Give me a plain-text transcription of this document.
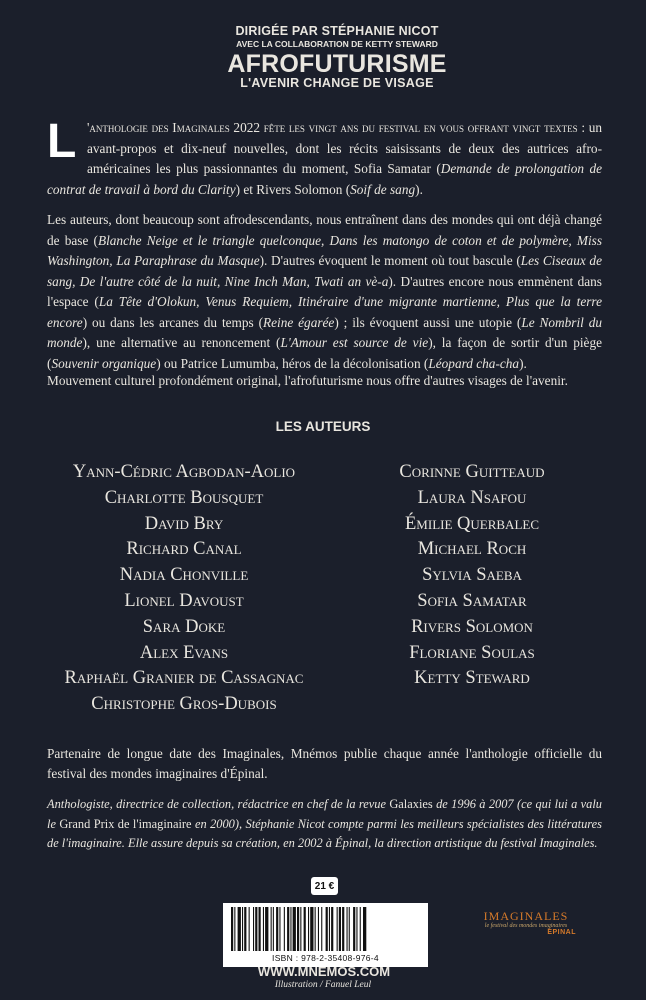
DIRIGÉE PAR STÉPHANIE NICOT
AVEC LA COLLABORATION DE KETTY STEWARD
AFROFUTURISME
L'AVENIR CHANGE DE VISAGE
L 'anthologie des Imaginales 2022 fête les vingt ans du festival en vous offrant vingt textes : un avant-propos et dix-neuf nouvelles, dont les récits saisissants de deux des autrices afro-américaines les plus passionnantes du moment, Sofia Samatar (Demande de prolongation de contrat de travail à bord du Clarity) et Rivers Solomon (Soif de sang).
Les auteurs, dont beaucoup sont afrodescendants, nous entraînent dans des mondes qui ont déjà changé de base (Blanche Neige et le triangle quelconque, Dans les matongo de coton et de polymère, Miss Washington, La Paraphrase du Masque). D'autres évoquent le moment où tout bascule (Les Ciseaux de sang, De l'autre côté de la nuit, Nine Inch Man, Twati an vè-a). D'autres encore nous emmènent dans l'espace (La Tête d'Olokun, Venus Requiem, Itinéraire d'une migrante martienne, Plus que la terre encore) ou dans les arcanes du temps (Reine égarée) ; ils évoquent aussi une utopie (Le Nombril du monde), une alternative au renoncement (L'Amour est source de vie), la façon de sortir d'un piège (Souvenir organique) ou Patrice Lumumba, héros de la décolonisation (Léopard cha-cha).
Mouvement culturel profondément original, l'afrofuturisme nous offre d'autres visages de l'avenir.
LES AUTEURS
Yann-Cédric Agbodan-Aolio
Charlotte Bousquet
David Bry
Richard Canal
Nadia Chonville
Lionel Davoust
Sara Doke
Alex Evans
Raphaël Granier de Cassagnac
Christophe Gros-Dubois
Corinne Guitteaud
Laura Nsafou
Émilie Querbalec
Michael Roch
Sylvia Saeba
Sofia Samatar
Rivers Solomon
Floriane Soulas
Ketty Steward
Partenaire de longue date des Imaginales, Mnémos publie chaque année l'anthologie officielle du festival des mondes imaginaires d'Épinal.
Anthologiste, directrice de collection, rédactrice en chef de la revue Galaxies de 1996 à 2007 (ce qui lui a valu le Grand Prix de l'imaginaire en 2000), Stéphanie Nicot compte parmi les meilleurs spécialistes des littératures de l'imaginaire. Elle assure depuis sa création, en 2002 à Épinal, la direction artistique du festival Imaginales.
21 €
ISBN : 978-2-35408-976-4
imaginales
le festival des mondes imaginaires
ÉPINAL
WWW.MNEMOS.COM
Illustration / Fanuel Leul
